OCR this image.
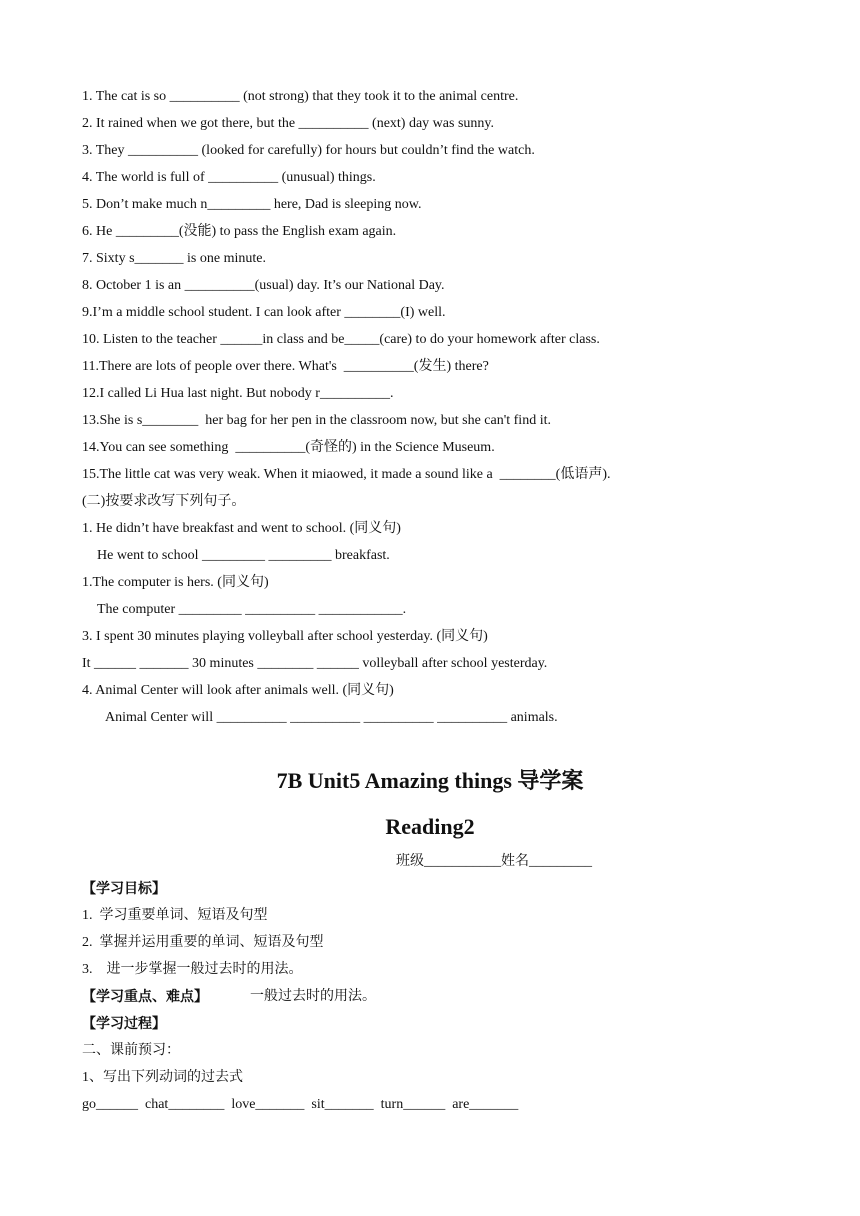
1. The cat is so __________ (not strong) that they took it to the animal centre.
2. It rained when we got there, but the __________ (next) day was sunny.
3. They __________ (looked for carefully) for hours but couldn’t find the watch.
4. The world is full of __________ (unusual) things.
5. Don’t make much n_________ here, Dad is sleeping now.
6. He _________(没能) to pass the English exam again.
7. Sixty s_______ is one minute.
8. October 1 is an __________(usual) day. It’s our National Day.
9.I’m a middle school student. I can look after ________(I) well.
10. Listen to the teacher ______in class and be_____(care) to do your homework after class.
11.There are lots of people over there. What's  __________(发生) there?
12.I called Li Hua last night. But nobody r__________.
13.She is s________  her bag for her pen in the classroom now, but she can't find it.
14.You can see something  __________(奇怪的) in the Science Museum.
15.The little cat was very weak. When it miaowed, it made a sound like a  ________(低语声).
(二)按要求改写下列句子。
1. He didn’t have breakfast and went to school. (同义句)
He went to school _________ _________ breakfast.
1.The computer is hers. (同义句)
The computer _________ __________ ____________.
3. I spent 30 minutes playing volleyball after school yesterday. (同义句)
It ______ _______ 30 minutes ________ ______ volleyball after school yesterday.
4. Animal Center will look after animals well. (同义句)
Animal Center will __________ __________ __________ __________ animals.
7B Unit5 Amazing things 导学案
Reading2
班级___________姓名_________
【学习目标】
1.  学习重要单词、短语及句型
2.  掌握并运用重要的单词、短语及句型
3.    进一步掌握一般过去时的用法。
【学习重点、难点】	一般过去时的用法。
【学习过程】
二、课前预习：
1、写出下列动词的过去式
go______  chat________  love_______  sit_______  turn______  are_______
